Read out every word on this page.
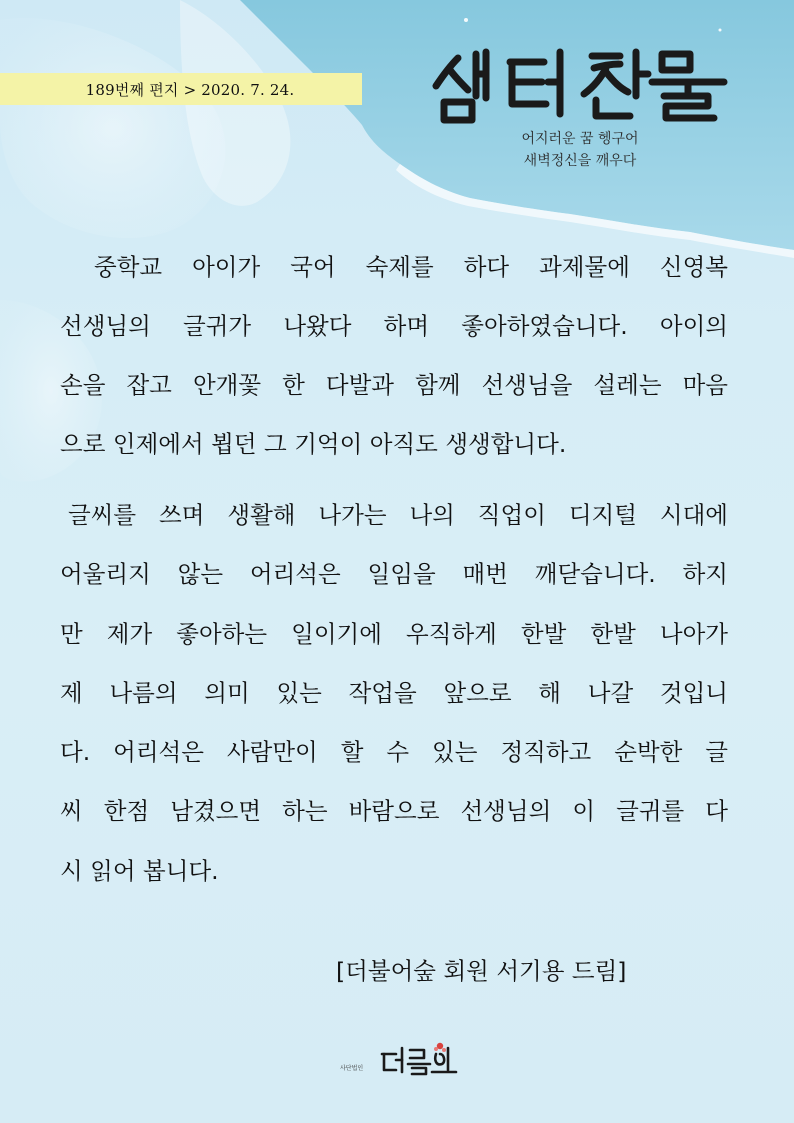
189번째 편지 > 2020. 7. 24.
어지러운 꿈 헹구어
새벽정신을 깨우다
중학교 아이가 국어 숙제를 하다 과제물에 신영복
선생님의 글귀가 나왔다 하며 좋아하였습니다. 아이의
손을 잡고 안개꽃 한 다발과 함께 선생님을 설레는 마음
으로 인제에서 뵙던 그 기억이 아직도 생생합니다.
글씨를 쓰며 생활해 나가는 나의 직업이 디지털 시대에
어울리지 않는 어리석은 일임을 매번 깨닫습니다. 하지
만 제가 좋아하는 일이기에 우직하게 한발 한발 나아가
제 나름의 의미 있는 작업을 앞으로 해 나갈 것입니
다. 어리석은 사람만이 할 수 있는 정직하고 순박한 글
씨 한점 남겼으면 하는 바람으로 선생님의 이 글귀를 다
시 읽어 봅니다.
[더불어숲 회원 서기용 드림]
사단법인
